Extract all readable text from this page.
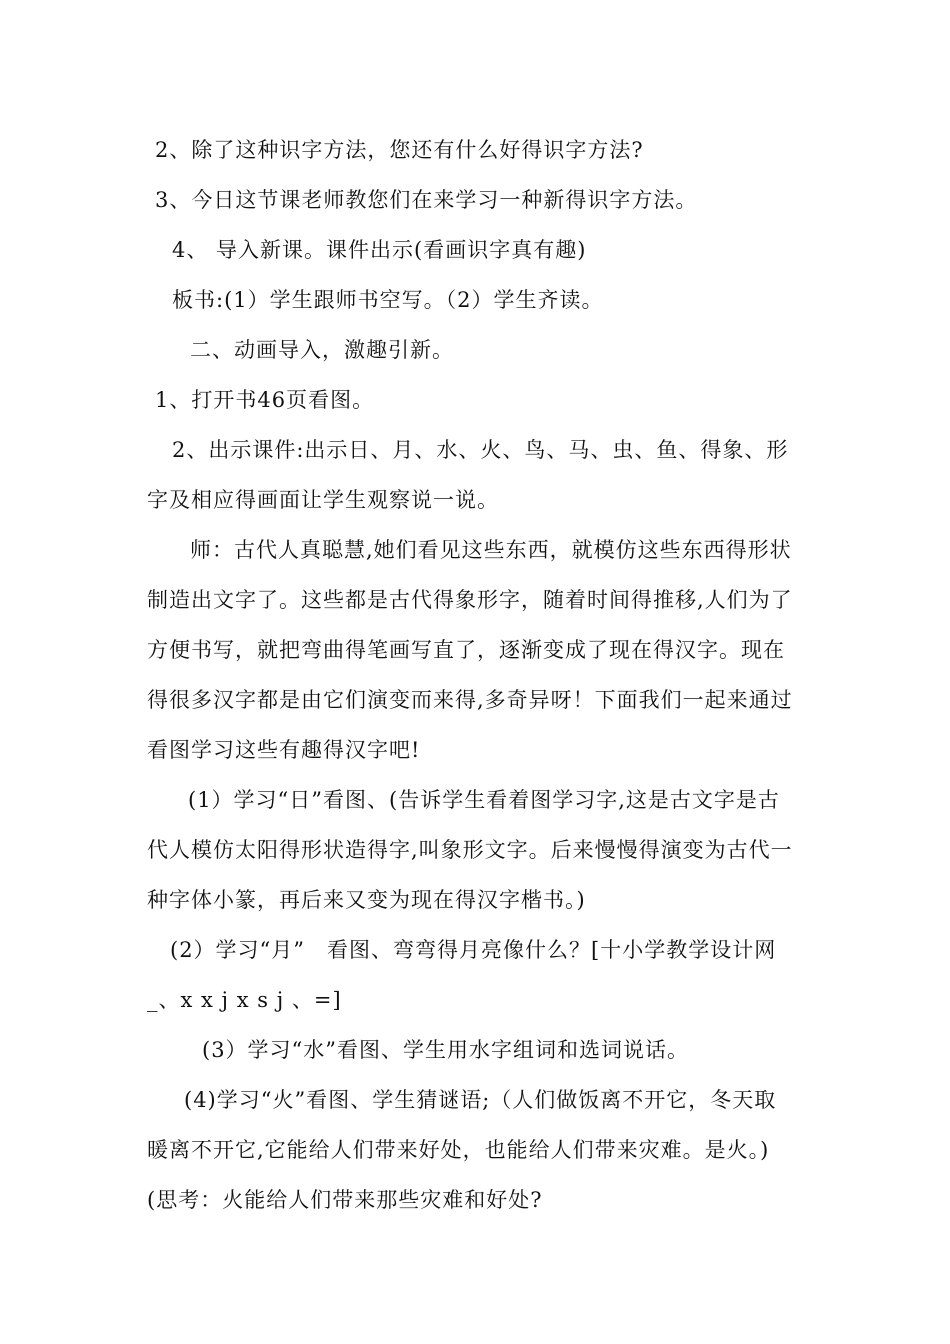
2、除了这种识字方法，您还有什么好得识字方法?
3、今日这节课老师教您们在来学习一种新得识字方法。
4、 导入新课。课件出示(看画识字真有趣)
板书:(1）学生跟师书空写。（2）学生齐读。
二、动画导入，激趣引新。
1、打开书46页看图。
2、出示课件:出示日、月、水、火、鸟、马、虫、鱼、得象、形
字及相应得画面让学生观察说一说。
师：古代人真聪慧,她们看见这些东西，就模仿这些东西得形状
制造出文字了。这些都是古代得象形字，随着时间得推移,人们为了
方便书写，就把弯曲得笔画写直了，逐渐变成了现在得汉字。现在
得很多汉字都是由它们演变而来得,多奇异呀！下面我们一起来通过
看图学习这些有趣得汉字吧!
(1）学习“日”看图、(告诉学生看着图学习字,这是古文字是古
代人模仿太阳得形状造得字,叫象形文字。后来慢慢得演变为古代一
种字体小篆，再后来又变为现在得汉字楷书。)
(2）学习“月”　看图、弯弯得月亮像什么？[十小学教学设计网
_、x x j x s j 、=]
(3）学习“水”看图、学生用水字组词和选词说话。
(4)学习“火”看图、学生猜谜语;（人们做饭离不开它，冬天取
暖离不开它,它能给人们带来好处，也能给人们带来灾难。是火。)
(思考：火能给人们带来那些灾难和好处?
